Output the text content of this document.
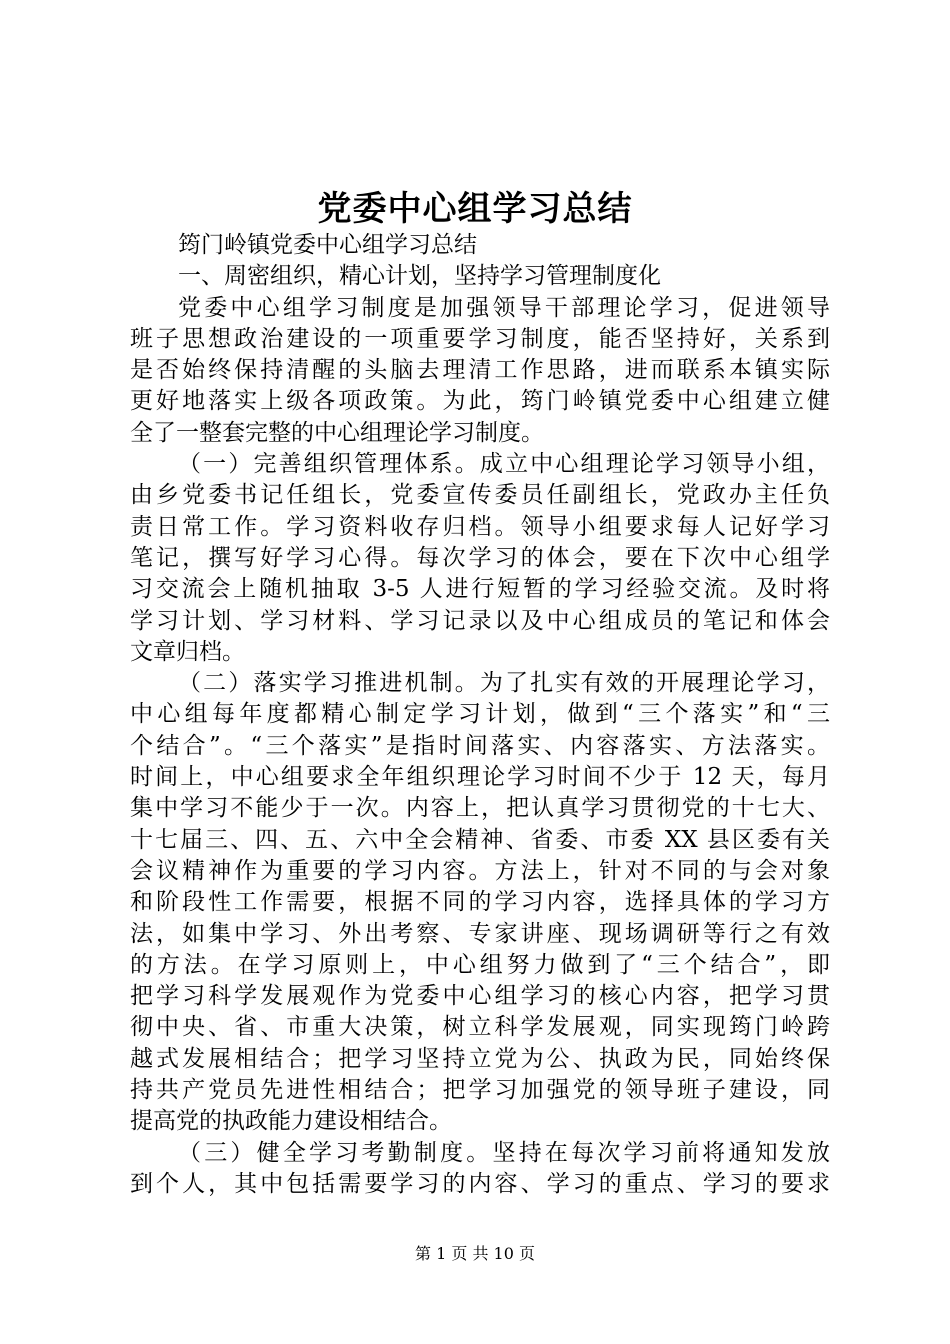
党委中心组学习总结
筠门岭镇党委中心组学习总结
一、周密组织，精心计划，坚持学习管理制度化
党委中心组学习制度是加强领导干部理论学习，促进领导
班子思想政治建设的一项重要学习制度，能否坚持好，关系到
是否始终保持清醒的头脑去理清工作思路，进而联系本镇实际
更好地落实上级各项政策。为此，筠门岭镇党委中心组建立健
全了一整套完整的中心组理论学习制度。
（一）完善组织管理体系。成立中心组理论学习领导小组，
由乡党委书记任组长，党委宣传委员任副组长，党政办主任负
责日常工作。学习资料收存归档。领导小组要求每人记好学习
笔记，撰写好学习心得。每次学习的体会，要在下次中心组学
习交流会上随机抽取 3-5 人进行短暂的学习经验交流。及时将
学习计划、学习材料、学习记录以及中心组成员的笔记和体会
文章归档。
（二）落实学习推进机制。为了扎实有效的开展理论学习，
中心组每年度都精心制定学习计划，做到“三个落实”和“三
个结合”。“三个落实”是指时间落实、内容落实、方法落实。
时间上，中心组要求全年组织理论学习时间不少于 12 天，每月
集中学习不能少于一次。内容上，把认真学习贯彻党的十七大、
十七届三、四、五、六中全会精神、省委、市委 XX 县区委有关
会议精神作为重要的学习内容。方法上，针对不同的与会对象
和阶段性工作需要，根据不同的学习内容，选择具体的学习方
法，如集中学习、外出考察、专家讲座、现场调研等行之有效
的方法。在学习原则上，中心组努力做到了“三个结合”，即
把学习科学发展观作为党委中心组学习的核心内容，把学习贯
彻中央、省、市重大决策，树立科学发展观，同实现筠门岭跨
越式发展相结合；把学习坚持立党为公、执政为民，同始终保
持共产党员先进性相结合；把学习加强党的领导班子建设，同
提高党的执政能力建设相结合。
（三）健全学习考勤制度。坚持在每次学习前将通知发放
到个人，其中包括需要学习的内容、学习的重点、学习的要求
第 1 页 共 10 页
